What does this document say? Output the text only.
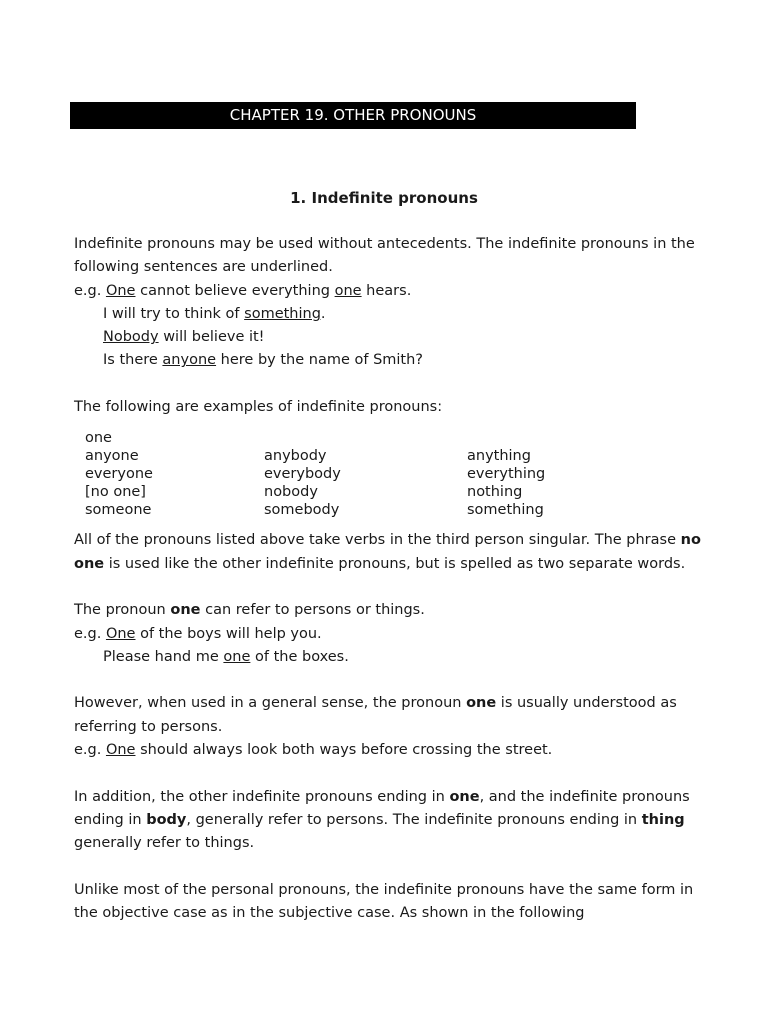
CHAPTER 19. OTHER PRONOUNS
1. Indefinite pronouns

Indefinite pronouns may be used without antecedents. The indefinite pronouns in the following sentences are underlined.

e.g. One cannot believe everything one hears.

I will try to think of something.

Nobody will believe it!

Is there anyone here by the name of Smith?

The following are examples of indefinite pronouns:

one
anyone	anybody	anything
everyone	everybody	everything
[no one]	nobody	nothing
someone	somebody	something

All of the pronouns listed above take verbs in the third person singular. The phrase no one is used like the other indefinite pronouns, but is spelled as two separate words.

The pronoun one can refer to persons or things.

e.g. One of the boys will help you.

Please hand me one of the boxes.

However, when used in a general sense, the pronoun one is usually understood as referring to persons.

e.g. One should always look both ways before crossing the street.

In addition, the other indefinite pronouns ending in one, and the indefinite pronouns ending in body, generally refer to persons. The indefinite pronouns ending in thing generally refer to things.

Unlike most of the personal pronouns, the indefinite pronouns have the same form in the objective case as in the subjective case. As shown in the following
